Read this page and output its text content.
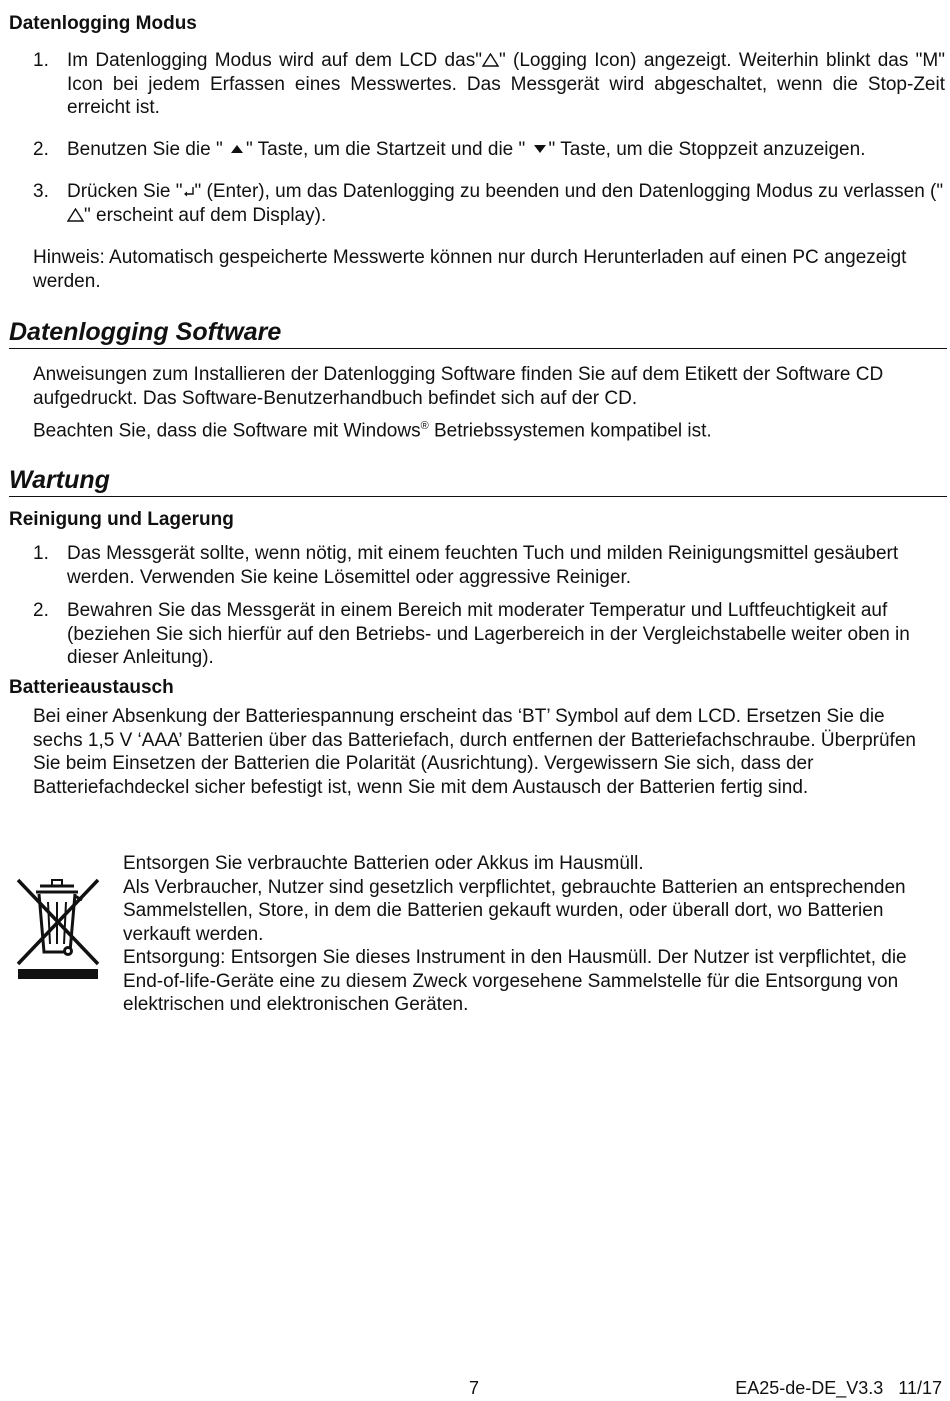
Datenlogging Modus
1. Im Datenlogging Modus wird auf dem LCD das" " (Logging Icon) angezeigt. Weiterhin blinkt das "M" Icon bei jedem Erfassen eines Messwertes. Das Messgerät wird abgeschaltet, wenn die Stop-Zeit erreicht ist.
2. Benutzen Sie die "
" Taste, um die Startzeit und die "
" Taste, um die Stoppzeit anzuzeigen.
3. Drücken Sie " " (Enter), um das Datenlogging zu beenden und den Datenlogging Modus zu verlassen ("
" erscheint auf dem Display).
Hinweis: Automatisch gespeicherte Messwerte können nur durch Herunterladen auf einen PC angezeigt werden.
Datenlogging Software
Anweisungen zum Installieren der Datenlogging Software finden Sie auf dem Etikett der Software CD aufgedruckt. Das Software-Benutzerhandbuch befindet sich auf der CD.
Beachten Sie, dass die Software mit Windows® Betriebssystemen kompatibel ist.
Wartung
Reinigung und Lagerung
1. Das Messgerät sollte, wenn nötig, mit einem feuchten Tuch und milden Reinigungsmittel gesäubert werden. Verwenden Sie keine Lösemittel oder aggressive Reiniger.
2. Bewahren Sie das Messgerät in einem Bereich mit moderater Temperatur und Luftfeuchtigkeit auf (beziehen Sie sich hierfür auf den Betriebs- und Lagerbereich in der Vergleichstabelle weiter oben in dieser Anleitung).
Batterieaustausch
Bei einer Absenkung der Batteriespannung erscheint das ‘BT’ Symbol auf dem LCD. Ersetzen Sie die sechs 1,5 V ‘AAA’ Batterien über das Batteriefach, durch entfernen der Batteriefachschraube. Überprüfen Sie beim Einsetzen der Batterien die Polarität (Ausrichtung). Vergewissern Sie sich, dass der Batteriefachdeckel sicher befestigt ist, wenn Sie mit dem Austausch der Batterien fertig sind.
Entsorgen Sie verbrauchte Batterien oder Akkus im Hausmüll.
Als Verbraucher, Nutzer sind gesetzlich verpflichtet, gebrauchte Batterien an entsprechenden Sammelstellen, Store, in dem die Batterien gekauft wurden, oder überall dort, wo Batterien verkauft werden.
Entsorgung: Entsorgen Sie dieses Instrument in den Hausmüll. Der Nutzer ist verpflichtet, die End-of-life-Geräte eine zu diesem Zweck vorgesehene Sammelstelle für die Entsorgung von elektrischen und elektronischen Geräten.
7	EA25-de-DE_V3.3   11/17
